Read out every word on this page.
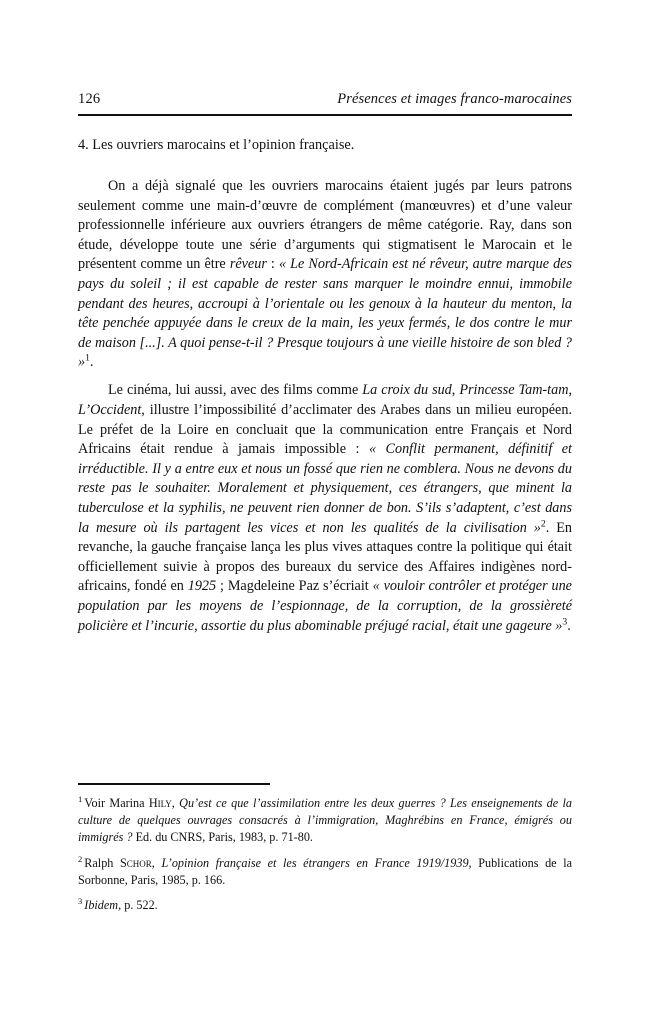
126	Présences et images franco-marocaines
4. Les ouvriers marocains et l’opinion française.

On a déjà signalé que les ouvriers marocains étaient jugés par leurs patrons seulement comme une main-d’œuvre de complément (manœuvres) et d’une valeur professionnelle inférieure aux ouvriers étrangers de même catégorie. Ray, dans son étude, développe toute une série d’arguments qui stigmatisent le Marocain et le présentent comme un être rêveur : « Le Nord-Africain est né rêveur, autre marque des pays du soleil ; il est capable de rester sans marquer le moindre ennui, immobile pendant des heures, accroupi à l’orientale ou les genoux à la hauteur du menton, la tête penchée appuyée dans le creux de la main, les yeux fermés, le dos contre le mur de maison [...]. A quoi pense-t-il ? Presque toujours à une vieille histoire de son bled ? »$^1$.

Le cinéma, lui aussi, avec des films comme La croix du sud, Princesse Tam-tam, L’Occident, illustre l’impossibilité d’acclimater des Arabes dans un milieu européen. Le préfet de la Loire en concluait que la communication entre Français et Nord Africains était rendue à jamais impossible : « Conflit permanent, définitif et irréductible. Il y a entre eux et nous un fossé que rien ne comblera. Nous ne devons du reste pas le souhaiter. Moralement et physiquement, ces étrangers, que minent la tuberculose et la syphilis, ne peuvent rien donner de bon. S’ils s’adaptent, c’est dans la mesure où ils partagent les vices et non les qualités de la civilisation »$^2$. En revanche, la gauche française lança les plus vives attaques contre la politique qui était officiellement suivie à propos des bureaux du service des Affaires indigènes nord-africains, fondé en 1925 ; Magdeleine Paz s’écriait « vouloir contrôler et protéger une population par les moyens de l’espionnage, de la corruption, de la grossièreté policière et l’incurie, assortie du plus abominable préjugé racial, était une gageure »$^3$.

$^1$ Voir Marina Hily, Qu’est ce que l’assimilation entre les deux guerres ? Les enseignements de la culture de quelques ouvrages consacrés à l’immigration, Maghrébins en France, émigrés ou immigrés ? Ed. du CNRS, Paris, 1983, p. 71-80.

$^2$ Ralph Schor, L’opinion française et les étrangers en France 1919/1939, Publications de la Sorbonne, Paris, 1985, p. 166.

$^3$ Ibidem, p. 522.
